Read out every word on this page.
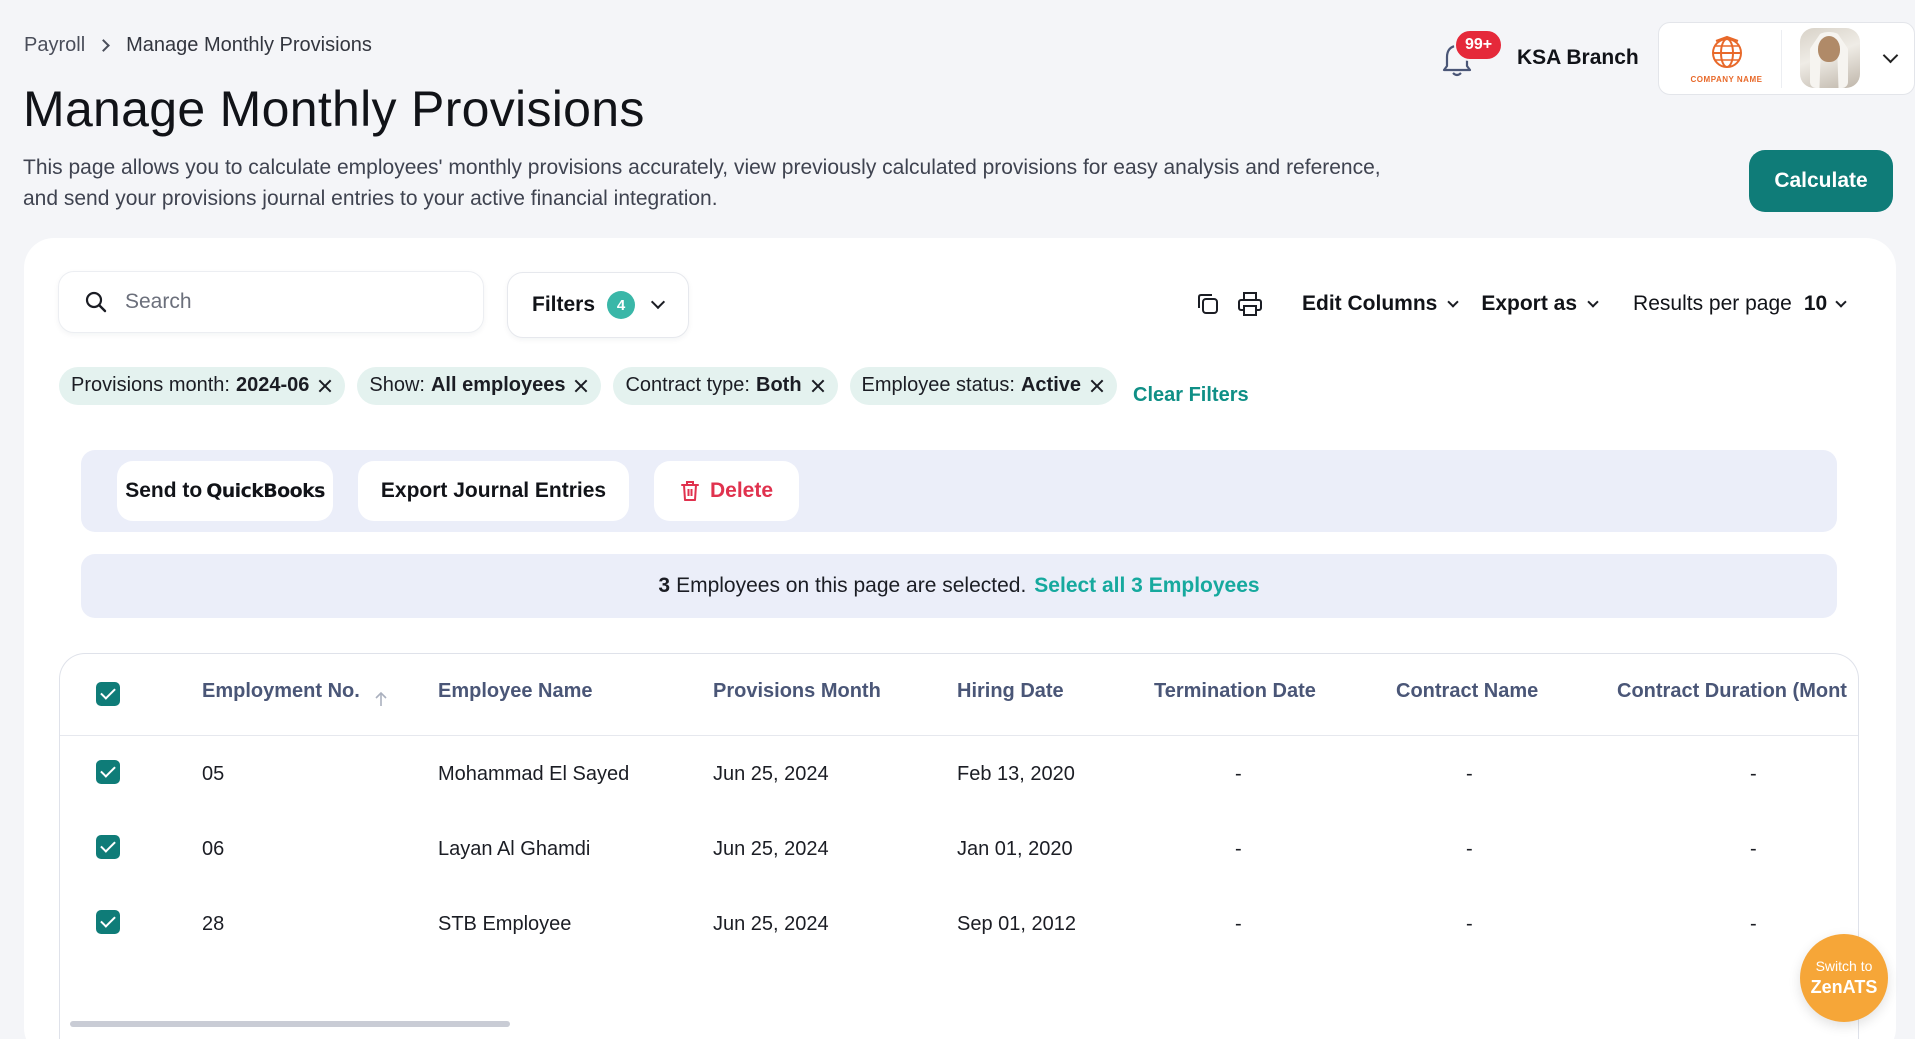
Payroll Manage Monthly Provisions
Manage Monthly Provisions

This page allows you to calculate employees' monthly provisions accurately, view previously calculated provisions for easy analysis and reference, and send your provisions journal entries to your active financial integration.

99+
KSA Branch
COMPANY NAME
Calculate
Search
Filters	4	Edit Columns Export as	Results per page 10
Provisions month: 2024-06	Show: All employees	Contract type: Both	Employee status: Active	Clear Filters
Send to QuickBooks	Export Journal Entries	Delete
3 Employees on this page are selected. Select all 3 Employees
Employment No.	Employee Name	Provisions Month	Hiring Date	Termination Date	Contract Name	Contract Duration (Mont
05	Mohammad El Sayed	Jun 25, 2024	Feb 13, 2020	-	-	-
06	Layan Al Ghamdi	Jun 25, 2024	Jan 01, 2020	-	-	-
28	STB Employee	Jun 25, 2024	Sep 01, 2012	-	-	-
Switch to
ZenATS
